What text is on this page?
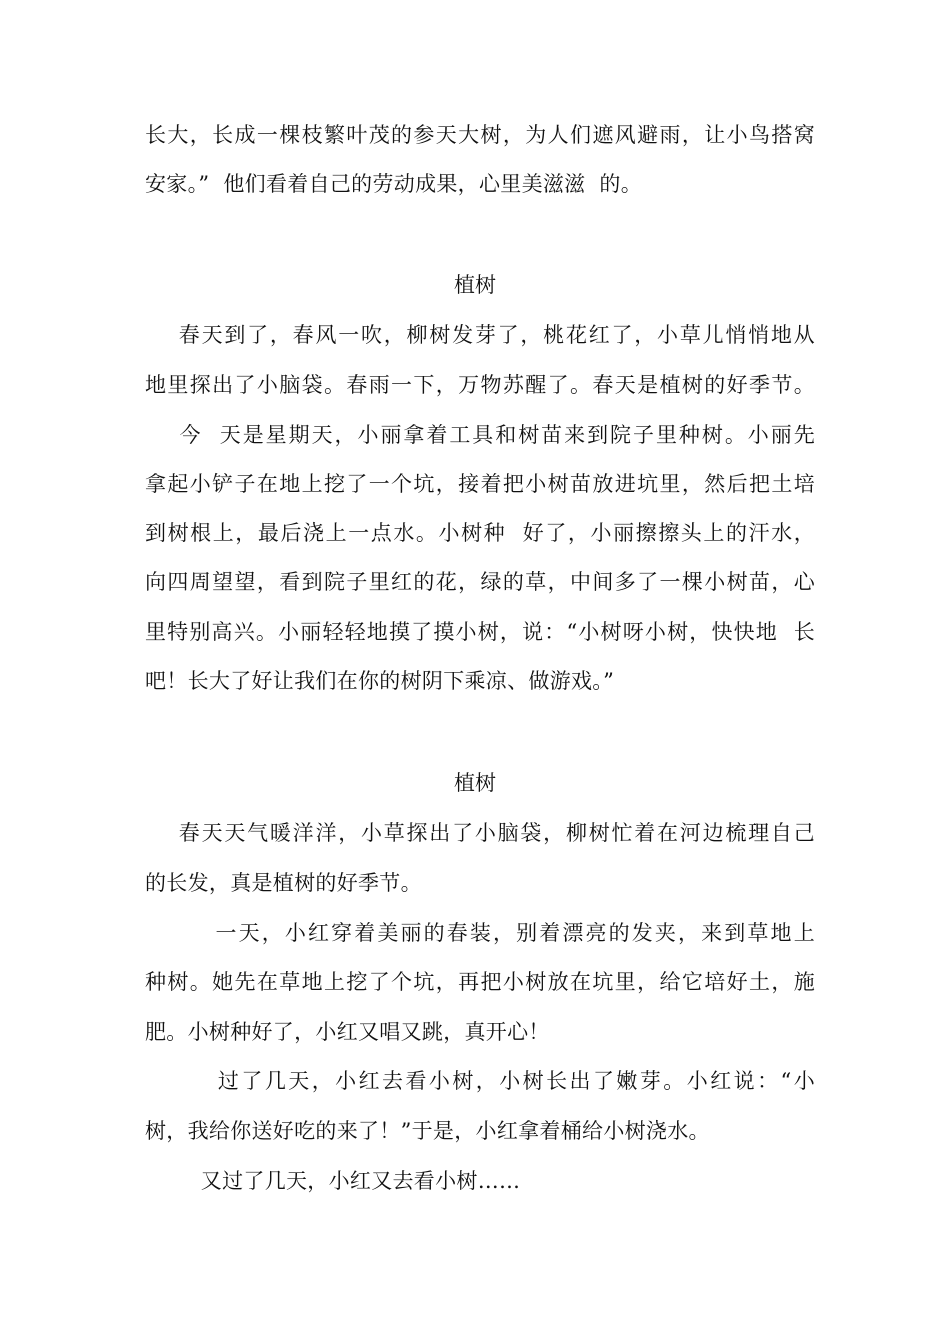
长大，长成一棵枝繁叶茂的参天大树，为人们遮风避雨，让小鸟搭窝
安家。”  他们看着自己的劳动成果，心里美滋滋  的。
植树
春天到了，春风一吹，柳树发芽了，桃花红了，小草儿悄悄地从
地里探出了小脑袋。春雨一下，万物苏醒了。春天是植树的好季节。
今  天是星期天，小丽拿着工具和树苗来到院子里种树。小丽先
拿起小铲子在地上挖了一个坑，接着把小树苗放进坑里，然后把土培
到树根上，最后浇上一点水。小树种  好了，小丽擦擦头上的汗水，
向四周望望，看到院子里红的花，绿的草，中间多了一棵小树苗，心
里特别高兴。小丽轻轻地摸了摸小树，说：“小树呀小树，快快地  长
吧！长大了好让我们在你的树阴下乘凉、做游戏。”
植树
春天天气暖洋洋，小草探出了小脑袋，柳树忙着在河边梳理自己
的长发，真是植树的好季节。
一天，小红穿着美丽的春装，别着漂亮的发夹，来到草地上
种树。她先在草地上挖了个坑，再把小树放在坑里，给它培好土，施
肥。小树种好了，小红又唱又跳，真开心！
过了几天，小红去看小树，小树长出了嫩芽。小红说：“小
树，我给你送好吃的来了！”于是，小红拿着桶给小树浇水。
又过了几天，小红又去看小树……
